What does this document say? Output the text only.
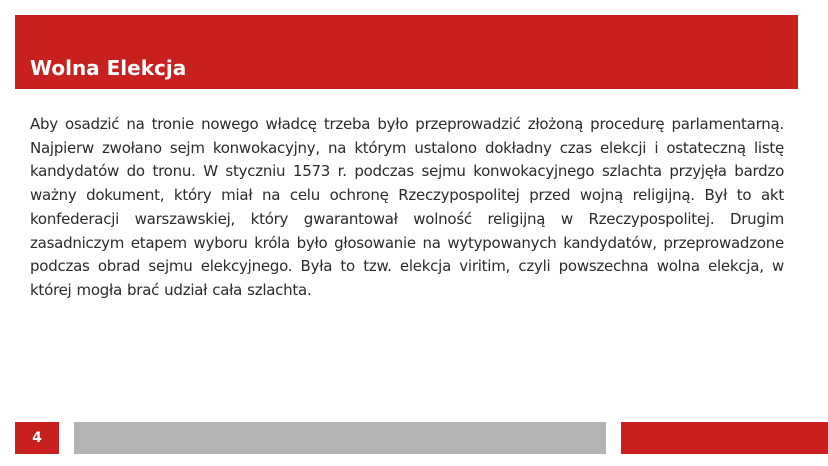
Wolna Elekcja

Aby osadzić na tronie nowego władcę trzeba było przeprowadzić złożoną procedurę parlamentarną. Najpierw zwołano sejm konwokacyjny, na którym ustalono dokładny czas elekcji i ostateczną listę kandydatów do tronu. W styczniu 1573 r. podczas sejmu konwokacyjnego szlachta przyjęła bardzo ważny dokument, który miał na celu ochronę Rzeczypospolitej przed wojną religijną. Był to akt konfederacji warszawskiej, który gwarantował wolność religijną w Rzeczypospolitej. Drugim zasadniczym etapem wyboru króla było głosowanie na wytypowanych kandydatów, przeprowadzone podczas obrad sejmu elekcyjnego. Była to tzw. elekcja viritim, czyli powszechna wolna elekcja, w której mogła brać udział cała szlachta.

4
